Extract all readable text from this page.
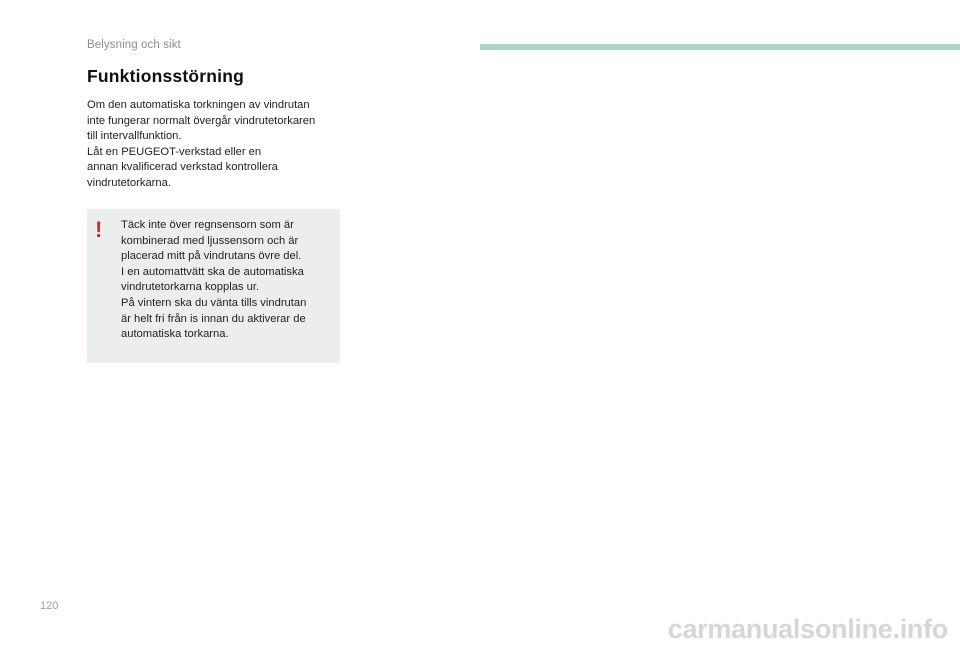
Belysning och sikt
Funktionsstörning

Om den automatiska torkningen av vindrutan
inte fungerar normalt övergår vindrutetorkaren
till intervallfunktion.

Låt en PEUGEOT-verkstad eller en
annan kvalificerad verkstad kontrollera
vindrutetorkarna.

! Täck inte över regnsensorn som är
kombinerad med ljussensorn och är
placerad mitt på vindrutans övre del.
I en automattvätt ska de automatiska
vindrutetorkarna kopplas ur.
På vintern ska du vänta tills vindrutan
är helt fri från is innan du aktiverar de
automatiska torkarna.
120
carmanualsonline.info
